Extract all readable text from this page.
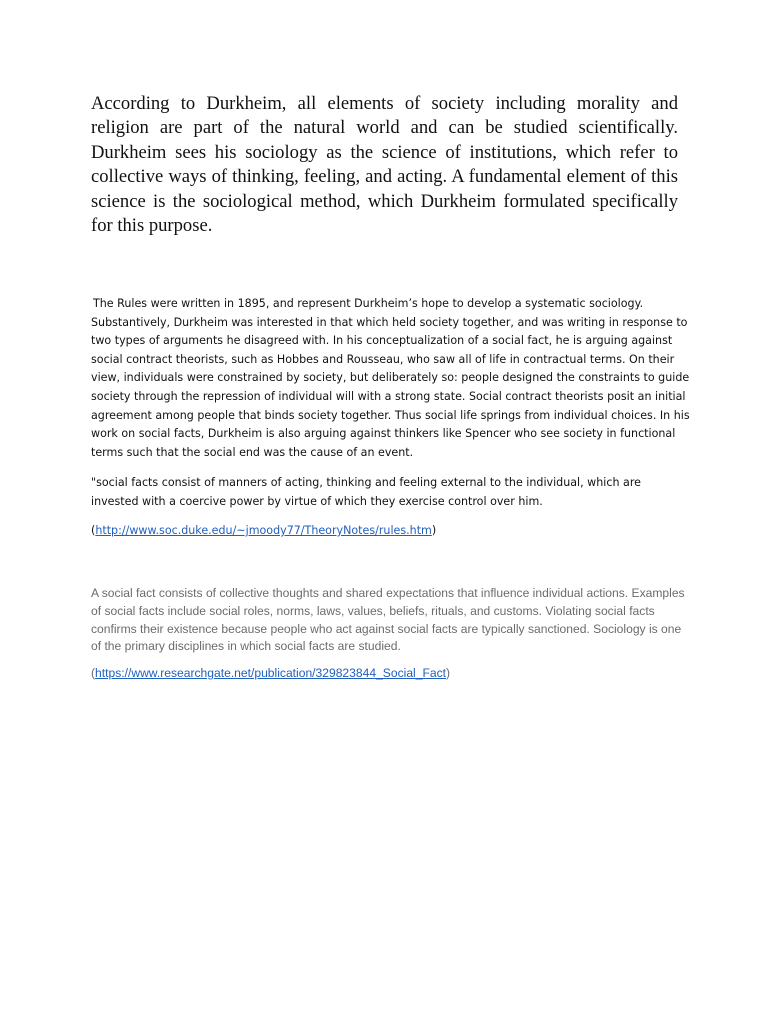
According to Durkheim, all elements of society including morality and religion are part of the natural world and can be studied scientifically. Durkheim sees his sociology as the science of institutions, which refer to collective ways of thinking, feeling, and acting. A fundamental element of this science is the sociological method, which Durkheim formulated specifically for this purpose.

The Rules were written in 1895, and represent Durkheim’s hope to develop a systematic sociology. Substantively, Durkheim was interested in that which held society together, and was writing in response to two types of arguments he disagreed with. In his conceptualization of a social fact, he is arguing against social contract theorists, such as Hobbes and Rousseau, who saw all of life in contractual terms. On their view, individuals were constrained by society, but deliberately so: people designed the constraints to guide society through the repression of individual will with a strong state. Social contract theorists posit an initial agreement among people that binds society together. Thus social life springs from individual choices. In his work on social facts, Durkheim is also arguing against thinkers like Spencer who see society in functional terms such that the social end was the cause of an event.

"social facts consist of manners of acting, thinking and feeling external to the individual, which are invested with a coercive power by virtue of which they exercise control over him.

(http://www.soc.duke.edu/~jmoody77/TheoryNotes/rules.htm)

A social fact consists of collective thoughts and shared expectations that influence individual actions. Examples of social facts include social roles, norms, laws, values, beliefs, rituals, and customs. Violating social facts confirms their existence because people who act against social facts are typically sanctioned. Sociology is one of the primary disciplines in which social facts are studied.

(https://www.researchgate.net/publication/329823844_Social_Fact)
